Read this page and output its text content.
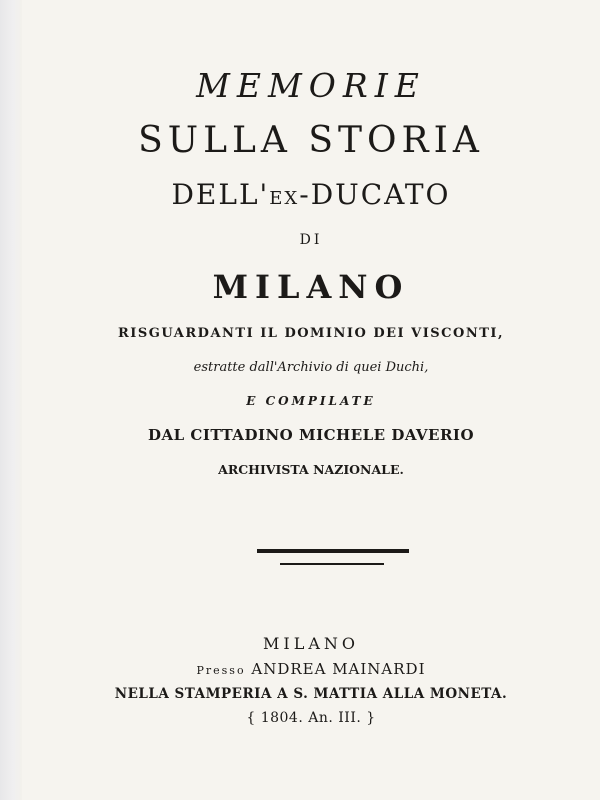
MEMORIE
SULLA STORIA
DELL'EX-DUCATO
DI
MILANO
RISGUARDANTI IL DOMINIO DEI VISCONTI,
estratte dall'Archivio di quei Duchi,
E COMPILATE
DAL CITTADINO MICHELE DAVERIO
ARCHIVISTA NAZIONALE.
MILANO
Presso ANDREA MAINARDI
NELLA STAMPERIA A S. MATTIA ALLA MONETA.
{ 1804. An. III. }
